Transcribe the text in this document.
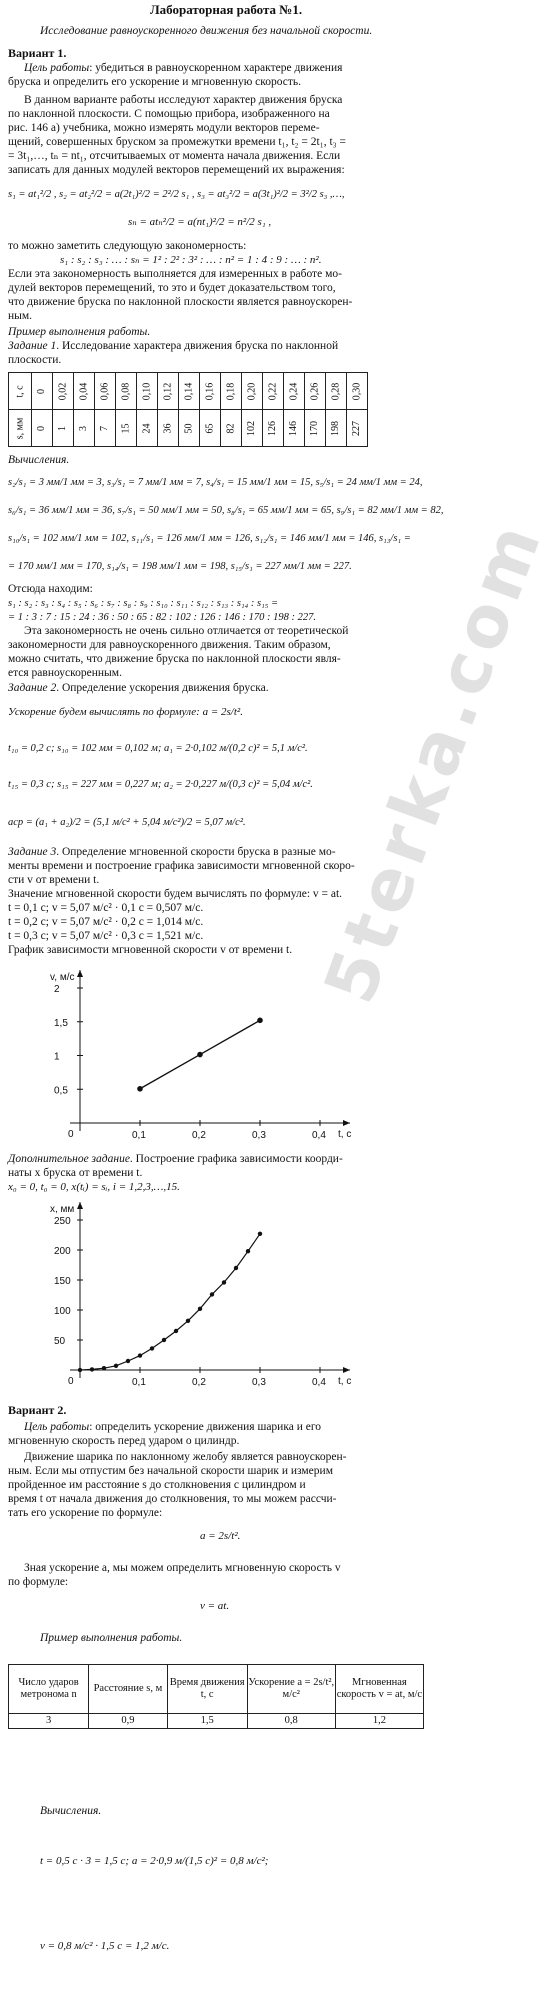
Лабораторная работа №1.
Исследование равноускоренного движения без начальной скорости.
Вариант 1.
Цель работы: убедиться в равноускоренном характере движения
бруска и определить его ускорение и мгновенную скорость.
В данном варианте работы исследуют характер движения бруска
по наклонной плоскости. С помощью прибора, изображенного на
рис. 146 а) учебника, можно измерять модули векторов переме-
щений, совершенных бруском за промежутки времени t₁, t₂ = 2t₁, t₃ =
= 3t₁,…, tₙ = nt₁, отсчитываемых от момента начала движения. Если
записать для данных модулей векторов перемещений их выражения:
s₁ = at₁²/2 , s₂ = at₂²/2 = a(2t₁)²/2 = 2²/2 s₁ , s₃ = at₃²/2 = a(3t₁)²/2 = 3²/2 s₃ ,…,
sₙ = atₙ²/2 = a(nt₁)²/2 = n²/2 s₁ ,
то можно заметить следующую закономерность:
s₁ : s₂ : s₃ : … : sₙ = 1² : 2² : 3² : … : n² = 1 : 4 : 9 : … : n².
Если эта закономерность выполняется для измеренных в работе мо-
дулей векторов перемещений, то это и будет доказательством того,
что движение бруска по наклонной плоскости является равноускорен-
ным.
Пример выполнения работы.
Задание 1. Исследование характера движения бруска по наклонной
плоскости.
t, c	0	0,02	0,04	0,06	0,08	0,10	0,12	0,14	0,16	0,18	0,20	0,22	0,24	0,26	0,28	0,30
s, мм	0	1	3	7	15	24	36	50	65	82	102	126	146	170	198	227
Вычисления.
s₂/s₁ = 3 мм/1 мм = 3, s₃/s₁ = 7 мм/1 мм = 7, s₄/s₁ = 15 мм/1 мм = 15, s₅/s₁ = 24 мм/1 мм = 24,
s₆/s₁ = 36 мм/1 мм = 36, s₇/s₁ = 50 мм/1 мм = 50, s₈/s₁ = 65 мм/1 мм = 65, s₉/s₁ = 82 мм/1 мм = 82,
s₁₀/s₁ = 102 мм/1 мм = 102, s₁₁/s₁ = 126 мм/1 мм = 126, s₁₂/s₁ = 146 мм/1 мм = 146, s₁₃/s₁ =
= 170 мм/1 мм = 170, s₁₄/s₁ = 198 мм/1 мм = 198, s₁₅/s₁ = 227 мм/1 мм = 227.
Отсюда находим:
s₁ : s₂ : s₃ : s₄ : s₅ : s₆ : s₇ : s₈ : s₉ : s₁₀ : s₁₁ : s₁₂ : s₁₃ : s₁₄ : s₁₅ =
= 1 : 3 : 7 : 15 : 24 : 36 : 50 : 65 : 82 : 102 : 126 : 146 : 170 : 198 : 227.
Эта закономерность не очень сильно отличается от теоретической
закономерности для равноускоренного движения. Таким образом,
можно считать, что движение бруска по наклонной плоскости явля-
ется равноускоренным.
Задание 2. Определение ускорения движения бруска.
Ускорение будем вычислять по формуле: a = 2s/t².
t₁₀ = 0,2 с; s₁₀ = 102 мм = 0,102 м; a₁ = 2·0,102 м/(0,2 с)² = 5,1 м/с².
t₁₅ = 0,3 с; s₁₅ = 227 мм = 0,227 м; a₂ = 2·0,227 м/(0,3 с)² = 5,04 м/с².
aср = (a₁ + a₂)/2 = (5,1 м/с² + 5,04 м/с²)/2 = 5,07 м/с².
Задание 3. Определение мгновенной скорости бруска в разные мо-
менты времени и построение графика зависимости мгновенной скоро-
сти v от времени t.
Значение мгновенной скорости будем вычислять по формуле: v = at.
t = 0,1 с; v = 5,07 м/с² · 0,1 с = 0,507 м/с.
t = 0,2 с; v = 5,07 м/с² · 0,2 с = 1,014 м/с.
t = 0,3 с; v = 5,07 м/с² · 0,3 с = 1,521 м/с.
График зависимости мгновенной скорости v от времени t.
t, c
v, м/с
0	0,1	0,2	0,3	0,4
0,5
1
1,5
2
Дополнительное задание. Построение графика зависимости коорди-
наты x бруска от времени t.
x₀ = 0, t₀ = 0, x(tᵢ) = sᵢ, i = 1,2,3,…,15.
t, c
x, мм
0	0,1	0,2	0,3	0,4
50
100
150
200
250
Вариант 2.
Цель работы: определить ускорение движения шарика и его
мгновенную скорость перед ударом о цилиндр.
Движение шарика по наклонному желобу является равноускорен-
ным. Если мы отпустим без начальной скорости шарик и измерим
пройденное им расстояние s до столкновения с цилиндром и
время t от начала движения до столкновения, то мы можем рассчи-
тать его ускорение по формуле:
a = 2s/t².
Зная ускорение a, мы можем определить мгновенную скорость v
по формуле:
v = at.
Пример выполнения работы.
Число ударов метронома n	Расстояние s, м	Время движения t, с	Ускорение a = 2s/t², м/с²	Мгновенная скорость v = at, м/с
3	0,9	1,5	0,8	1,2
Вычисления.
t = 0,5 с · 3 = 1,5 с; a = 2·0,9 м/(1,5 с)² = 0,8 м/с²;
v = 0,8 м/с² · 1,5 с = 1,2 м/с.
5terka.com
